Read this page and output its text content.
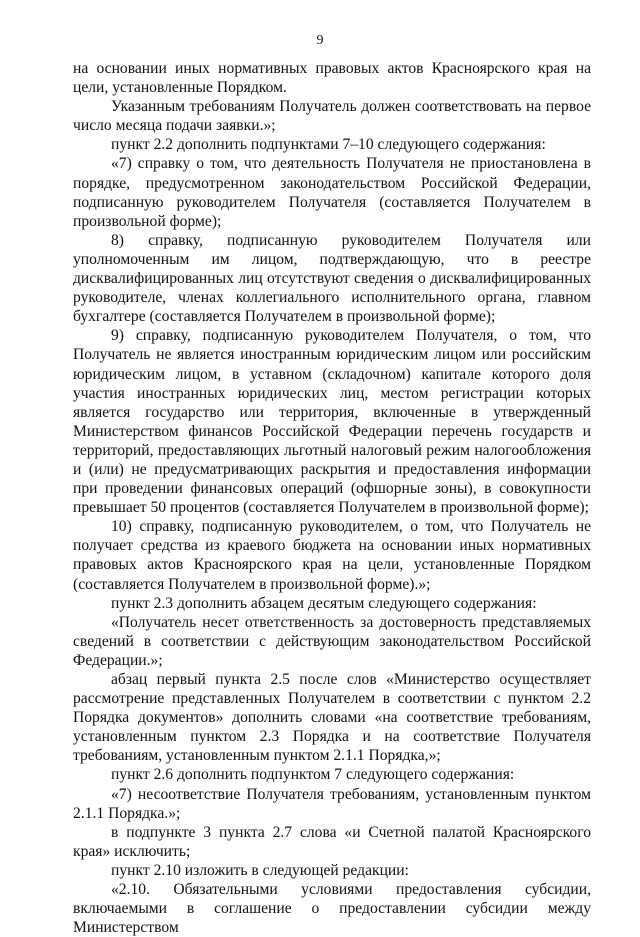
9

на основании иных нормативных правовых актов Красноярского края на цели, установленные Порядком.

Указанным требованиям Получатель должен соответствовать на первое число месяца подачи заявки.»;

пункт 2.2 дополнить подпунктами 7–10 следующего содержания:

«7) справку о том, что деятельность Получателя не приостановлена в порядке, предусмотренном законодательством Российской Федерации, подписанную руководителем Получателя (составляется Получателем в произвольной форме);

8) справку, подписанную руководителем Получателя или уполномоченным им лицом, подтверждающую, что в реестре дисквалифицированных лиц отсутствуют сведения о дисквалифицированных руководителе, членах коллегиального исполнительного органа, главном бухгалтере (составляется Получателем в произвольной форме);

9) справку, подписанную руководителем Получателя, о том, что Получатель не является иностранным юридическим лицом или российским юридическим лицом, в уставном (складочном) капитале которого доля участия иностранных юридических лиц, местом регистрации которых является государство или территория, включенные в утвержденный Министерством финансов Российской Федерации перечень государств и территорий, предоставляющих льготный налоговый режим налогообложения и (или) не предусматривающих раскрытия и предоставления информации при проведении финансовых операций (офшорные зоны), в совокупности превышает 50 процентов (составляется Получателем в произвольной форме);

10) справку, подписанную руководителем, о том, что Получатель не получает средства из краевого бюджета на основании иных нормативных правовых актов Красноярского края на цели, установленные Порядком (составляется Получателем в произвольной форме).»;

пункт 2.3 дополнить абзацем десятым следующего содержания:

«Получатель несет ответственность за достоверность представляемых сведений в соответствии с действующим законодательством Российской Федерации.»;

абзац первый пункта 2.5 после слов «Министерство осуществляет рассмотрение представленных Получателем в соответствии с пунктом 2.2 Порядка документов» дополнить словами «на соответствие требованиям, установленным пунктом 2.3 Порядка и на соответствие Получателя требованиям, установленным пунктом 2.1.1 Порядка,»;

пункт 2.6 дополнить подпунктом 7 следующего содержания:

«7) несоответствие Получателя требованиям, установленным пунктом 2.1.1 Порядка.»;

в подпункте 3 пункта 2.7 слова «и Счетной палатой Красноярского края» исключить;

пункт 2.10 изложить в следующей редакции:

«2.10. Обязательными условиями предоставления субсидии, включаемыми в соглашение о предоставлении субсидии между Министерством
